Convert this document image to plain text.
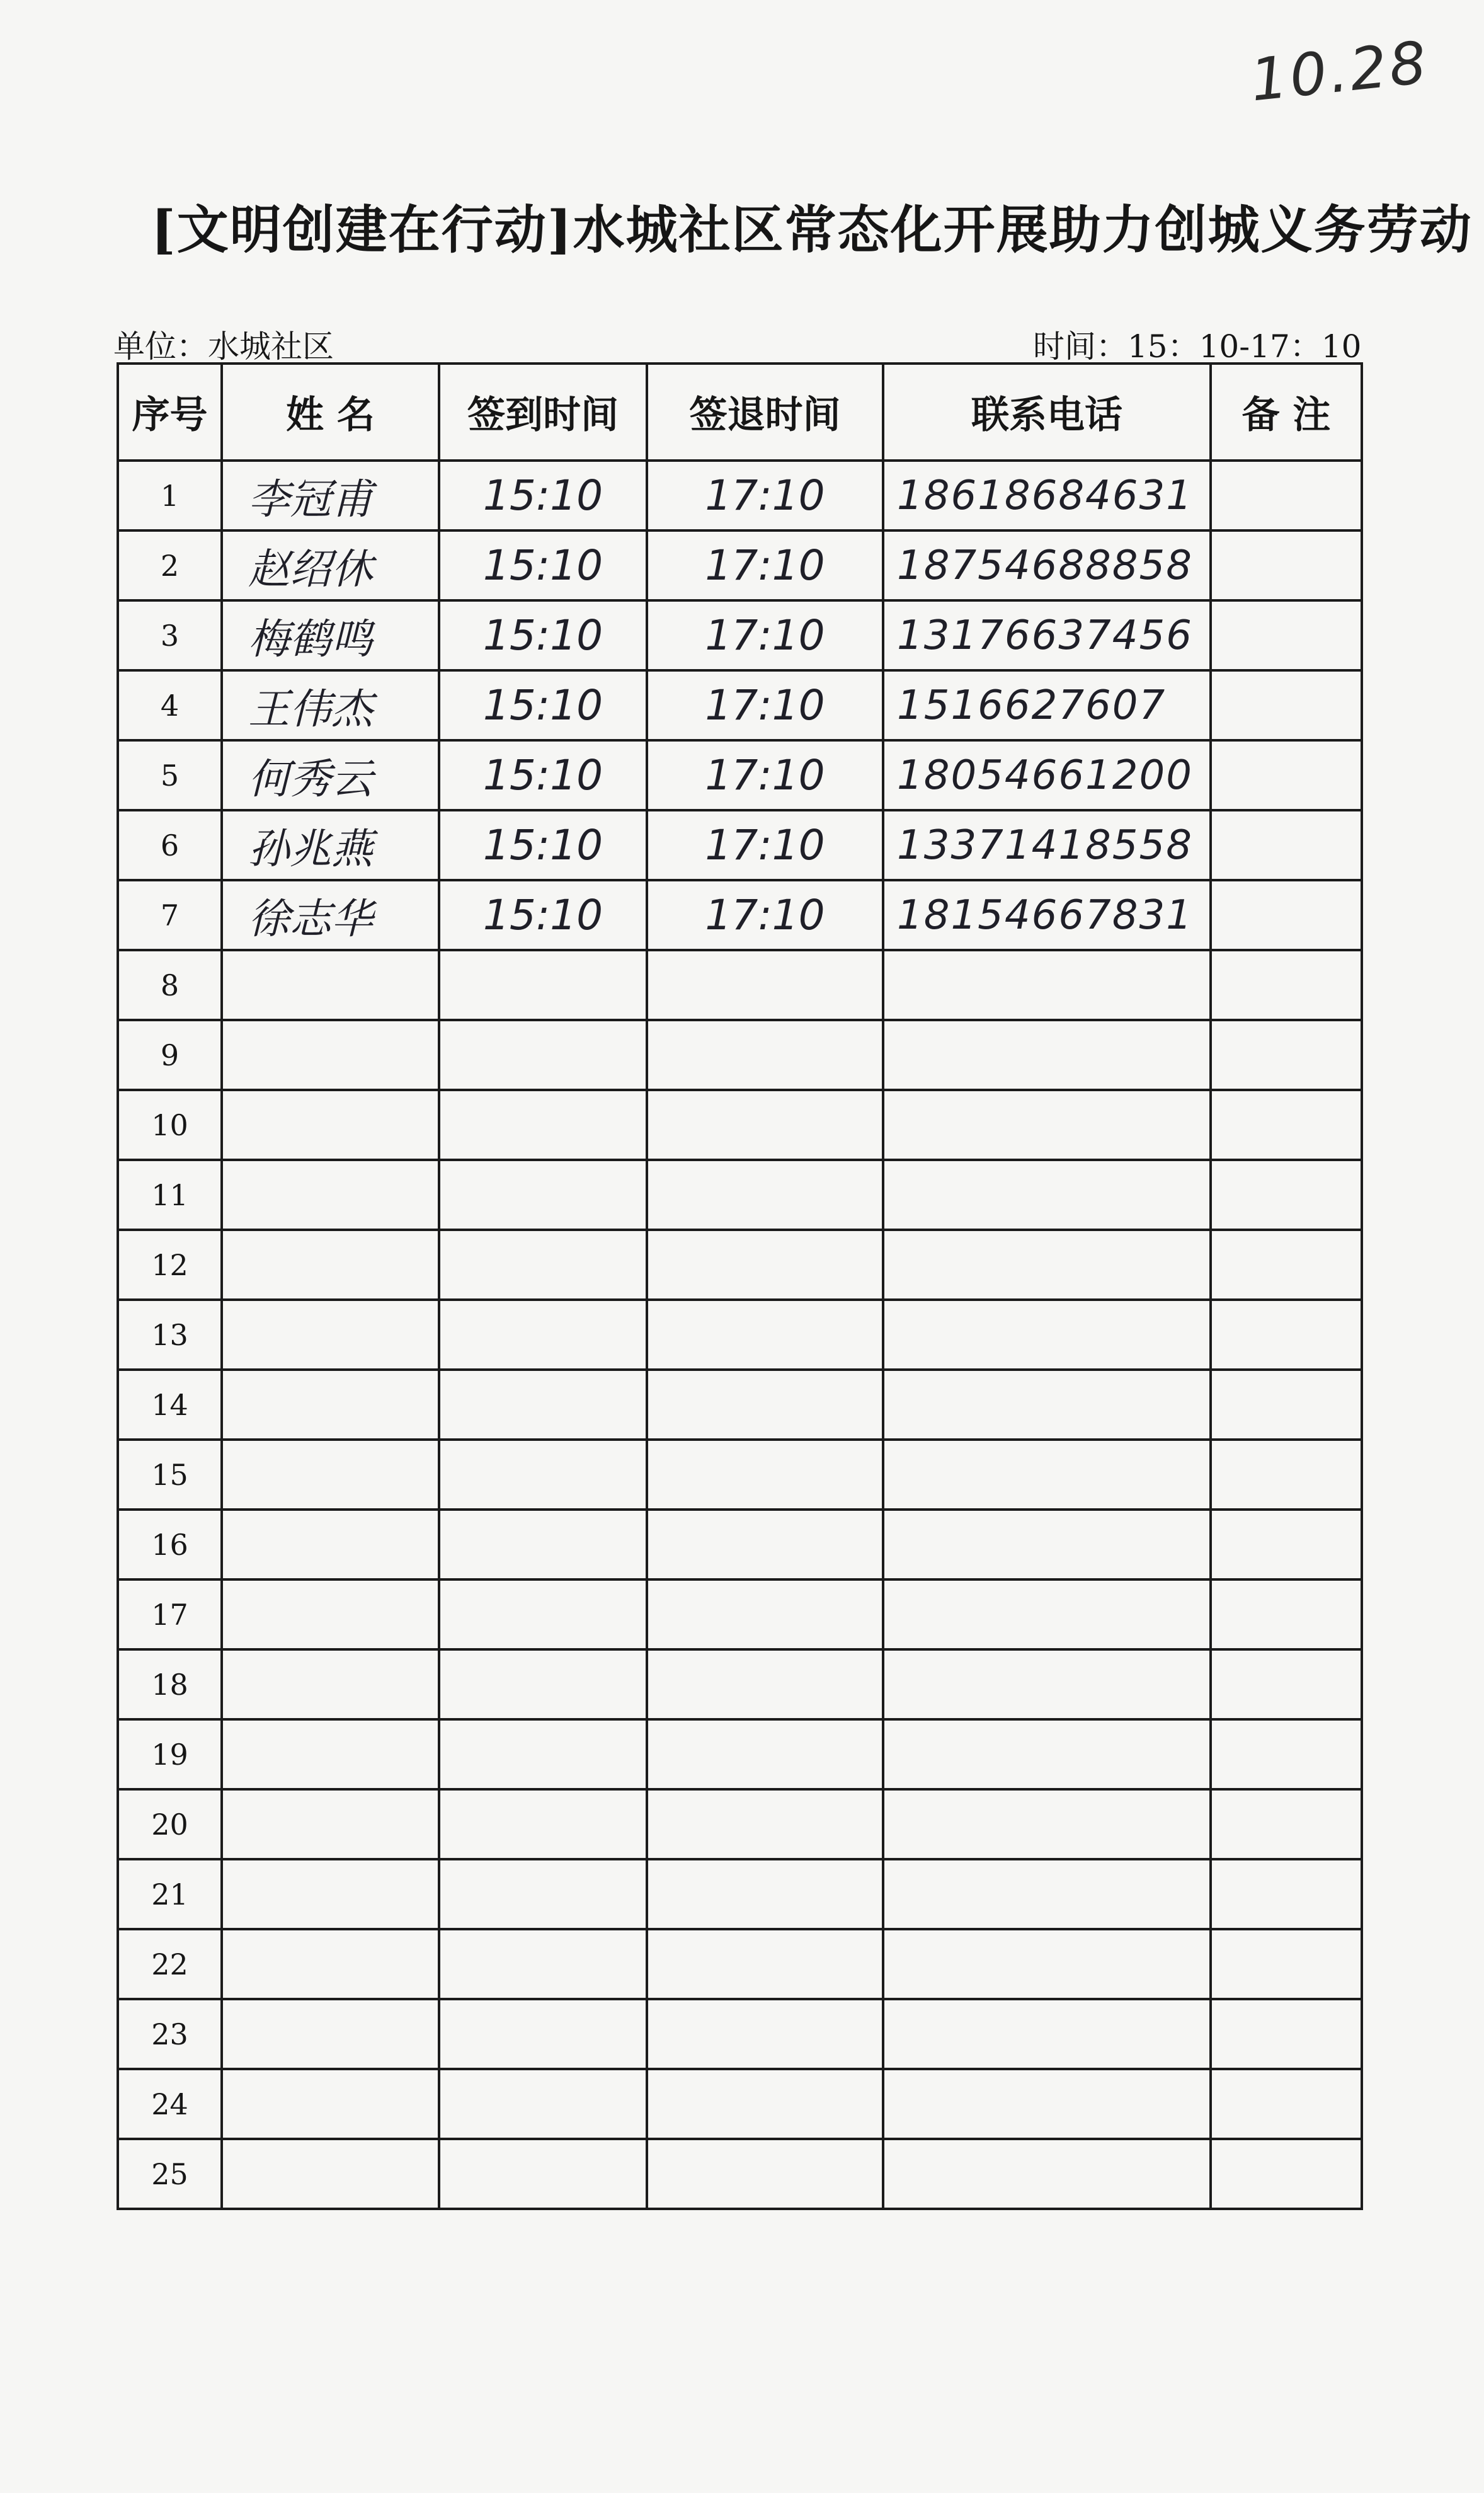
10.28
[文明创建在行动]水城社区常态化开展助力创城义务劳动
单位：水城社区	时间：15：10-17：10
序号	姓 名	签到时间	签退时间	联系电话	备 注
1	李冠甫	15:10	17:10	18618684631	
2	赵绍休	15:10	17:10	18754688858	
3	梅鹤鸣	15:10	17:10	13176637456	
4	王伟杰	15:10	17:10	1516627607	
5	何秀云	15:10	17:10	18054661200	
6	孙兆燕	15:10	17:10	13371418558	
7	徐志华	15:10	17:10	18154667831	
8					
9					
10					
11					
12					
13					
14					
15					
16					
17					
18					
19					
20					
21					
22					
23					
24					
25					
